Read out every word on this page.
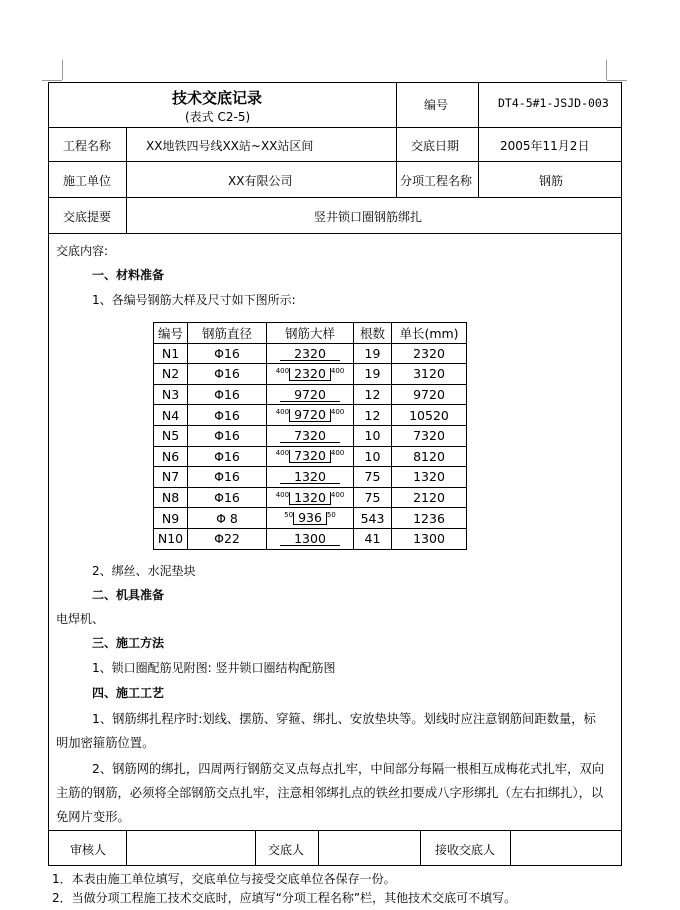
技术交底记录
(表式 C2-5)
编号	DT4-5#1-JSJD-003
工程名称	XX地铁四号线XX站~XX站区间	交底日期	2005年11月2日
施工单位	XX有限公司	分项工程名称	钢筋
交底提要	竖井锁口圈钢筋绑扎
交底内容:
一、材料准备
1、各编号钢筋大样及尺寸如下图所示:
编号	钢筋直径	钢筋大样	根数	单长(mm)
N1	Φ16	2320	19	2320
N2	Φ16	$^{400}$ 2320 $^{400}$	19	3120
N3	Φ16	9720	12	9720
N4	Φ16	$^{400}$ 9720 $^{400}$	12	10520
N5	Φ16	7320	10	7320
N6	Φ16	$^{400}$ 7320 $^{400}$	10	8120
N7	Φ16	1320	75	1320
N8	Φ16	$^{400}$ 1320 $^{400}$	75	2120
N9	Φ 8	$^{50}$ 936 $^{50}$	543	1236
N10	Φ22	1300	41	1300
2、绑丝、水泥垫块
二、机具准备
电焊机、
三、施工方法
1、锁口圈配筋见附图: 竖井锁口圈结构配筋图
四、施工工艺
1、钢筋绑扎程序时:划线、摆筋、穿箍、绑扎、安放垫块等。划线时应注意钢筋间距数量，标
明加密箍筋位置。
2、钢筋网的绑扎，四周两行钢筋交叉点每点扎牢，中间部分每隔一根相互成梅花式扎牢，双向
主筋的钢筋，必须将全部钢筋交点扎牢，注意相邻绑扎点的铁丝扣要成八字形绑扎（左右扣绑扎），以
免网片变形。
审核人	交底人	接收交底人
1．本表由施工单位填写，交底单位与接受交底单位各保存一份。
2．当做分项工程施工技术交底时，应填写“分项工程名称”栏，其他技术交底可不填写。
